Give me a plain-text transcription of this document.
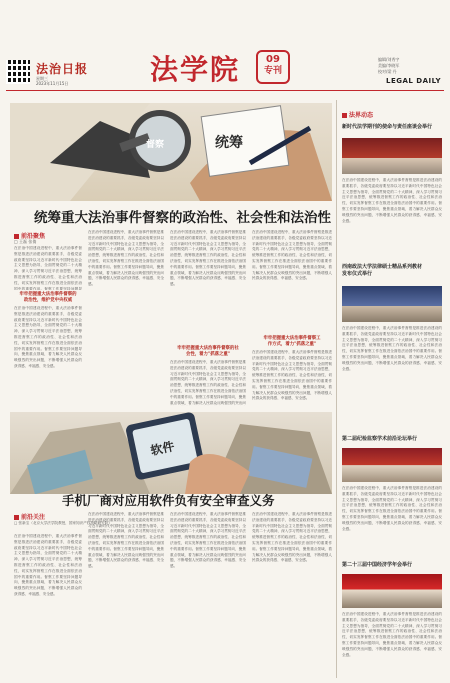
法治日报
星期三
2023年11月15日	法学院	09
专刊
编辑/刘秀宇
美编/李晓军
校对/梁 丹
LEGAL DAILY
督察	统筹
统筹重大法治事件督察的政治性、社会性和法治性
前沿聚焦
□ 王磊 张倩
在法治中国建设进程中，重大法治事件督察是推进法治建设的重要抓手，各级党委政府要坚持以习近平新时代中国特色社会主义思想为指导，全面贯彻党的二十大精神，深入学习贯彻习近平法治思想，统筹推进督察工作的政治性、社会性和法治性，切实发挥督察工作在推进全面依法治国中的重要作用。督察工作要坚持问题导
牢牢把握重大法治事件督察的
政治性，维护党中央权威
在法治中国建设进程中，重大法治事件督察是推进法治建设的重要抓手，各级党委政府要坚持以习近平新时代中国特色社会主义思想为指导，全面贯彻党的二十大精神，深入学习贯彻习近平法治思想，统筹推进督察工作的政治性、社会性和法治性，切实发挥督察工作在推进全面依法治国中的重要作用。督察工作要坚持问题导向，聚焦重点领域，着力解决人民群众反映强烈的突出问题，不断增强人民群众的获得感、幸福感、安全感。
在法治中国建设进程中，重大法治事件督察是推进法治建设的重要抓手，各级党委政府要坚持以习近平新时代中国特色社会主义思想为指导，全面贯彻党的二十大精神，深入学习贯彻习近平法治思想，统筹推进督察工作的政治性、社会性和法治性，切实发挥督察工作在推进全面依法治国中的重要作用。督察工作要坚持问题导向，聚焦重点领域，着力解决人民群众反映强烈的突出问题，不断增强人民群众的获得感、幸福感、安全感。
在法治中国建设进程中，重大法治事件督察是推进法治建设的重要抓手，各级党委政府要坚持以习近平新时代中国特色社会主义思想为指导，全面贯彻党的二十大精神，深入学习贯彻习近平法治思想，统筹推进督察工作的政治性、社会性和法治性，切实发挥督察工作在推进全面依法治国中的重要作用。督察工作要坚持问题导向，聚焦重点领域，着力解决人民群众反映强烈的突出问题，不断增强人民群众的获得感、幸福感、安全感。
牢牢把握重大法治事件督察的社
会性，着力"抓落之重"
在法治中国建设进程中，重大法治事件督察是推进法治建设的重要抓手，各级党委政府要坚持以习近平新时代中国特色社会主义思想为指导，全面贯彻党的二十大精神，深入学习贯彻习近平法治思想，统筹推进督察工作的政治性、社会性和法治性，切实发挥督察工作在推进全面依法治国中的重要作用。督察工作要坚持问题导向，聚焦重点领域，着力解决人民群众反映强烈的突出问
在法治中国建设进程中，重大法治事件督察是推进法治建设的重要抓手，各级党委政府要坚持以习近平新时代中国特色社会主义思想为指导，全面贯彻党的二十大精神，深入学习贯彻习近平法治思想，统筹推进督察工作的政治性、社会性和法治性，切实发挥督察工作在推进全面依法治国中的重要作用。督察工作要坚持问题导向，聚焦重点领域，着力解决人民群众反映强烈的突出问题，不断增强人民群众的获得感、幸福感、安全感。
牢牢把握重大法治事件督察工
作方式，着力"抓落之重"
在法治中国建设进程中，重大法治事件督察是推进法治建设的重要抓手，各级党委政府要坚持以习近平新时代中国特色社会主义思想为指导，全面贯彻党的二十大精神，深入学习贯彻习近平法治思想，统筹推进督察工作的政治性、社会性和法治性，切实发挥督察工作在推进全面依法治国中的重要作用。督察工作要坚持问题导向，聚焦重点领域，着力解决人民群众反映强烈的突出问题，不断增强人民群众的获得感、幸福感、安全感。
软件
手机厂商对应用软件负有安全审查义务
前沿关注
□ 张新宝（北京大学法学院教授，国家知识产权战略研究院）
在法治中国建设进程中，重大法治事件督察是推进法治建设的重要抓手，各级党委政府要坚持以习近平新时代中国特色社会主义思想为指导，全面贯彻党的二十大精神，深入学习贯彻习近平法治思想，统筹推进督察工作的政治性、社会性和法治性，切实发挥督察工作在推进全面依法治国中的重要作用。督察工作要坚持问题导向，聚焦重点领域，着力解决人民群众反映强烈的突出问题，不断增强人民群众的获得感、幸福感、安全感。
在法治中国建设进程中，重大法治事件督察是推进法治建设的重要抓手，各级党委政府要坚持以习近平新时代中国特色社会主义思想为指导，全面贯彻党的二十大精神，深入学习贯彻习近平法治思想，统筹推进督察工作的政治性、社会性和法治性，切实发挥督察工作在推进全面依法治国中的重要作用。督察工作要坚持问题导向，聚焦重点领域，着力解决人民群众反映强烈的突出问题，不断增强人民群众的获得感、幸福感、安全感。
在法治中国建设进程中，重大法治事件督察是推进法治建设的重要抓手，各级党委政府要坚持以习近平新时代中国特色社会主义思想为指导，全面贯彻党的二十大精神，深入学习贯彻习近平法治思想，统筹推进督察工作的政治性、社会性和法治性，切实发挥督察工作在推进全面依法治国中的重要作用。督察工作要坚持问题导向，聚焦重点领域，着力解决人民群众反映强烈的突出问题，不断增强人民群众的获得感、幸福感、安全感。
在法治中国建设进程中，重大法治事件督察是推进法治建设的重要抓手，各级党委政府要坚持以习近平新时代中国特色社会主义思想为指导，全面贯彻党的二十大精神，深入学习贯彻习近平法治思想，统筹推进督察工作的政治性、社会性和法治性，切实发挥督察工作在推进全面依法治国中的重要作用。督察工作要坚持问题导向，聚焦重点领域，着力解决人民群众反映强烈的突出问题，不断增强人民群众的获得感、幸福感、安全感。
法界动态
新时代法学期刊的使命与责任座谈会举行
在法治中国建设进程中，重大法治事件督察是推进法治建设的重要抓手，各级党委政府要坚持以习近平新时代中国特色社会主义思想为指导，全面贯彻党的二十大精神，深入学习贯彻习近平法治思想，统筹推进督察工作的政治性、社会性和法治性，切实发挥督察工作在推进全面依法治国中的重要作用。督察工作要坚持问题导向，聚焦重点领域，着力解决人民群众反映强烈的突出问题，不断增强人民群众的获得感、幸福感、安全感。
西南政法大学法律硕士精品系列教材
发布仪式举行
在法治中国建设进程中，重大法治事件督察是推进法治建设的重要抓手，各级党委政府要坚持以习近平新时代中国特色社会主义思想为指导，全面贯彻党的二十大精神，深入学习贯彻习近平法治思想，统筹推进督察工作的政治性、社会性和法治性，切实发挥督察工作在推进全面依法治国中的重要作用。督察工作要坚持问题导向，聚焦重点领域，着力解决人民群众反映强烈的突出问题，不断增强人民群众的获得感、幸福感、安全感。
第二届纪检监察学术前沿论坛举行
在法治中国建设进程中，重大法治事件督察是推进法治建设的重要抓手，各级党委政府要坚持以习近平新时代中国特色社会主义思想为指导，全面贯彻党的二十大精神，深入学习贯彻习近平法治思想，统筹推进督察工作的政治性、社会性和法治性，切实发挥督察工作在推进全面依法治国中的重要作用。督察工作要坚持问题导向，聚焦重点领域，着力解决人民群众反映强烈的突出问题，不断增强人民群众的获得感、幸福感、安全感。
第二十三届中国经济学年会举行
在法治中国建设进程中，重大法治事件督察是推进法治建设的重要抓手，各级党委政府要坚持以习近平新时代中国特色社会主义思想为指导，全面贯彻党的二十大精神，深入学习贯彻习近平法治思想，统筹推进督察工作的政治性、社会性和法治性，切实发挥督察工作在推进全面依法治国中的重要作用。督察工作要坚持问题导向，聚焦重点领域，着力解决人民群众反映强烈的突出问题，不断增强人民群众的获得感、幸福感、安全感。
